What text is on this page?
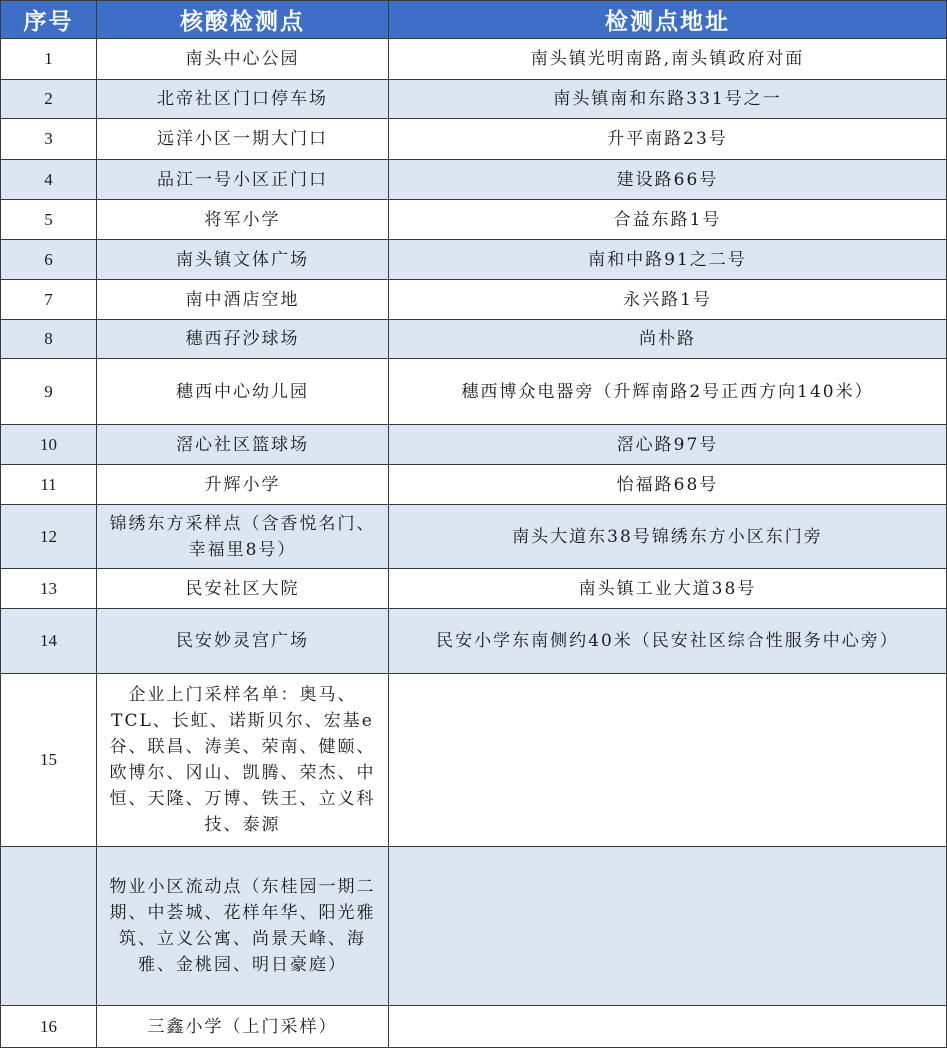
序号	核酸检测点	检测点地址
1	南头中心公园	南头镇光明南路,南头镇政府对面
2	北帝社区门口停车场	南头镇南和东路331号之一
3	远洋小区一期大门口	升平南路23号
4	品江一号小区正门口	建设路66号
5	将军小学	合益东路1号
6	南头镇文体广场	南和中路91之二号
7	南中酒店空地	永兴路1号
8	穗西孖沙球场	尚朴路
9	穗西中心幼儿园	穗西博众电器旁（升辉南路2号正西方向140米）
10	滘心社区篮球场	滘心路97号
11	升辉小学	怡福路68号
12	锦绣东方采样点（含香悦名门、幸福里8号）	南头大道东38号锦绣东方小区东门旁
13	民安社区大院	南头镇工业大道38号
14	民安妙灵宫广场	民安小学东南侧约40米（民安社区综合性服务中心旁）
15	企业上门采样名单：奥马、TCL、长虹、诺斯贝尔、宏基e谷、联昌、涛美、荣南、健颐、欧博尔、冈山、凯腾、荣杰、中恒、天隆、万博、铁王、立义科技、泰源	
	物业小区流动点（东桂园一期二期、中荟城、花样年华、阳光雅筑、立义公寓、尚景天峰、海雅、金桃园、明日豪庭）	
16	三鑫小学（上门采样）	
